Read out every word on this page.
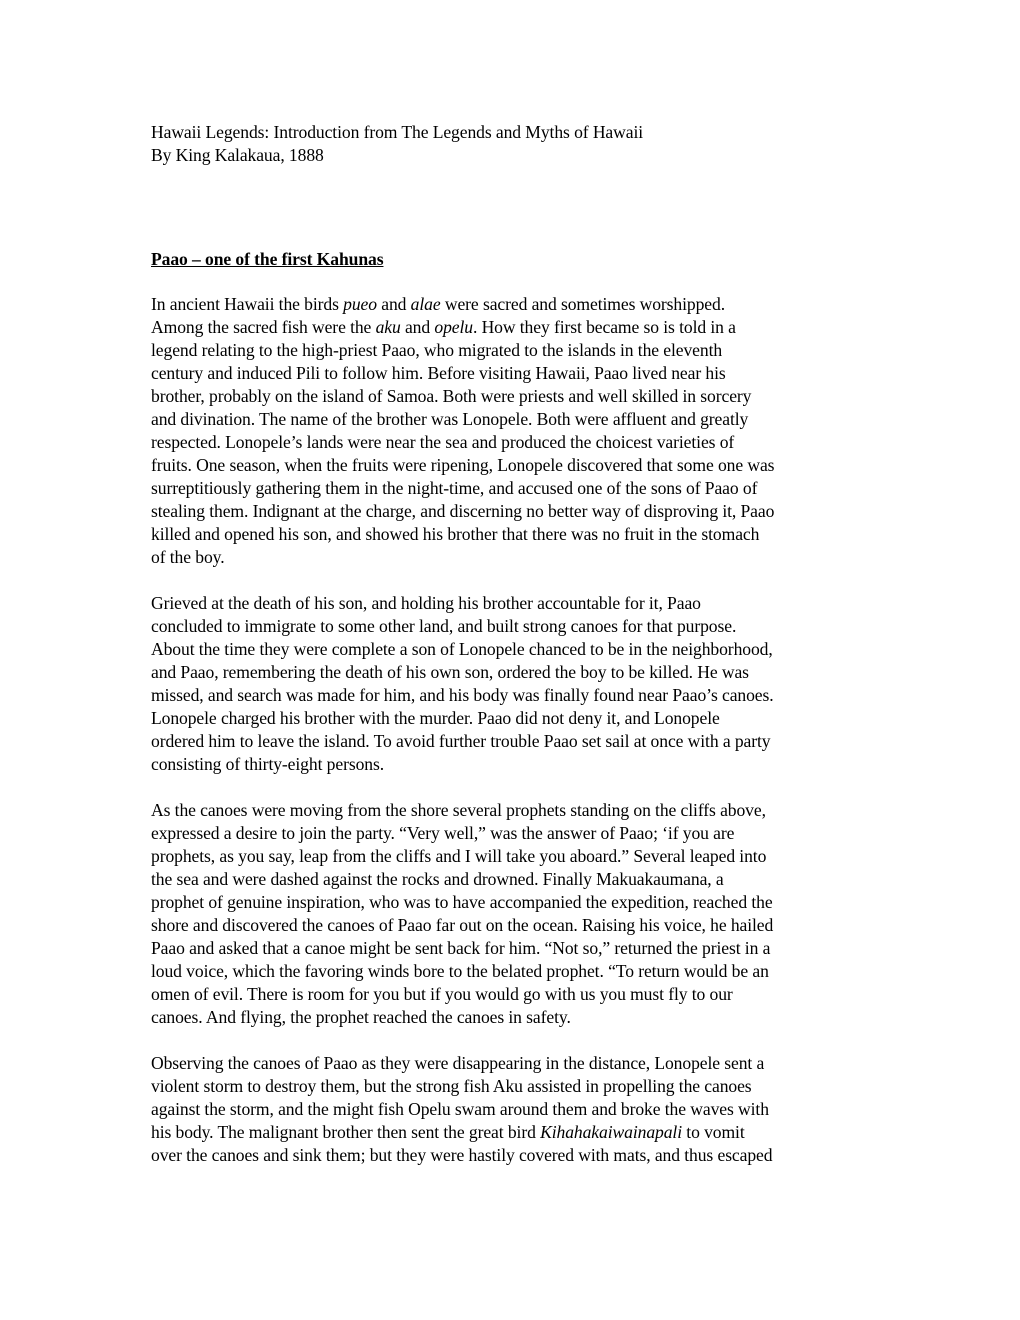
Hawaii Legends: Introduction from The Legends and Myths of Hawaii
By King Kalakaua, 1888
Paao – one of the first Kahunas
In ancient Hawaii the birds pueo and alae were sacred and sometimes worshipped.
Among the sacred fish were the aku and opelu. How they first became so is told in a
legend relating to the high-priest Paao, who migrated to the islands in the eleventh
century and induced Pili to follow him. Before visiting Hawaii, Paao lived near his
brother, probably on the island of Samoa. Both were priests and well skilled in sorcery
and divination. The name of the brother was Lonopele. Both were affluent and greatly
respected. Lonopele’s lands were near the sea and produced the choicest varieties of
fruits. One season, when the fruits were ripening, Lonopele discovered that some one was
surreptitiously gathering them in the night-time, and accused one of the sons of Paao of
stealing them. Indignant at the charge, and discerning no better way of disproving it, Paao
killed and opened his son, and showed his brother that there was no fruit in the stomach
of the boy.
Grieved at the death of his son, and holding his brother accountable for it, Paao
concluded to immigrate to some other land, and built strong canoes for that purpose.
About the time they were complete a son of Lonopele chanced to be in the neighborhood,
and Paao, remembering the death of his own son, ordered the boy to be killed. He was
missed, and search was made for him, and his body was finally found near Paao’s canoes.
Lonopele charged his brother with the murder. Paao did not deny it, and Lonopele
ordered him to leave the island. To avoid further trouble Paao set sail at once with a party
consisting of thirty-eight persons.
As the canoes were moving from the shore several prophets standing on the cliffs above,
expressed a desire to join the party. “Very well,” was the answer of Paao; ‘if you are
prophets, as you say, leap from the cliffs and I will take you aboard.” Several leaped into
the sea and were dashed against the rocks and drowned. Finally Makuakaumana, a
prophet of genuine inspiration, who was to have accompanied the expedition, reached the
shore and discovered the canoes of Paao far out on the ocean. Raising his voice, he hailed
Paao and asked that a canoe might be sent back for him. “Not so,” returned the priest in a
loud voice, which the favoring winds bore to the belated prophet. “To return would be an
omen of evil. There is room for you but if you would go with us you must fly to our
canoes. And flying, the prophet reached the canoes in safety.
Observing the canoes of Paao as they were disappearing in the distance, Lonopele sent a
violent storm to destroy them, but the strong fish Aku assisted in propelling the canoes
against the storm, and the might fish Opelu swam around them and broke the waves with
his body. The malignant brother then sent the great bird Kihahakaiwainapali to vomit
over the canoes and sink them; but they were hastily covered with mats, and thus escaped
